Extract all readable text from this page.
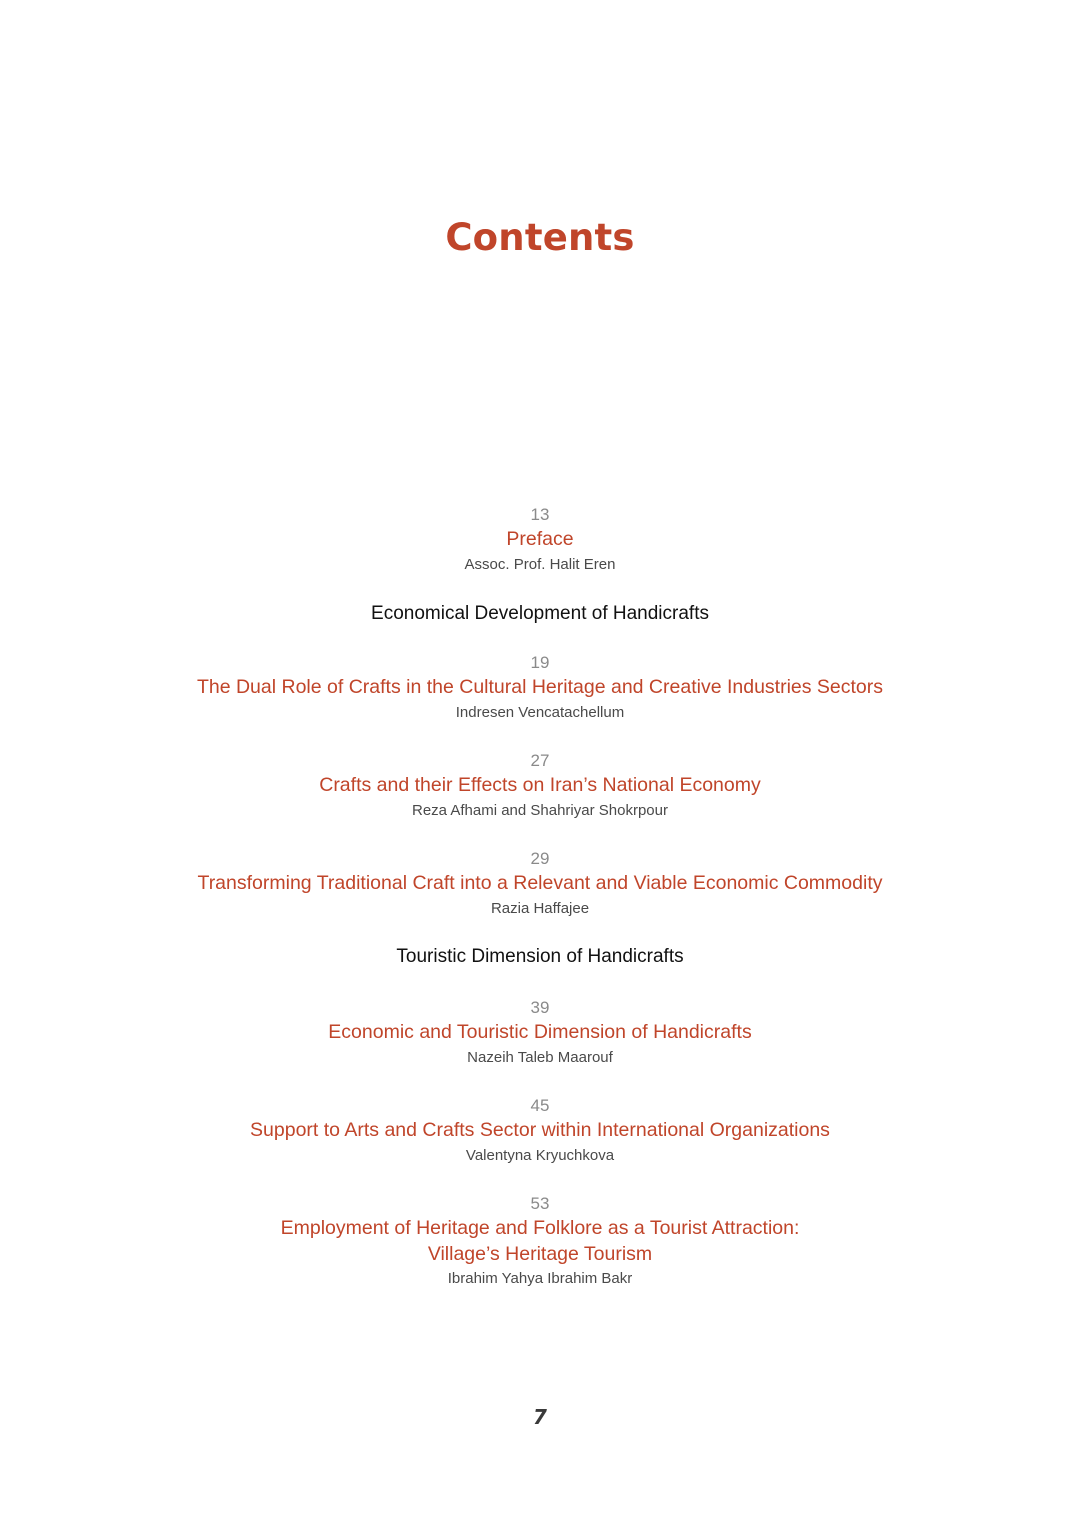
Contents
13
Preface
Assoc. Prof. Halit Eren
Economical Development of Handicrafts
19
The Dual Role of Crafts in the Cultural Heritage and Creative Industries Sectors
Indresen Vencatachellum
27
Crafts and their Effects on Iran’s National Economy
Reza Afhami and Shahriyar Shokrpour
29
Transforming Traditional Craft into a Relevant and Viable Economic Commodity
Razia Haffajee
Touristic Dimension of Handicrafts
39
Economic and Touristic Dimension of Handicrafts
Nazeih Taleb Maarouf
45
Support to Arts and Crafts Sector within International Organizations
Valentyna Kryuchkova
53
Employment of Heritage and Folklore as a Tourist Attraction:
Village’s Heritage Tourism
Ibrahim Yahya Ibrahim Bakr
7
